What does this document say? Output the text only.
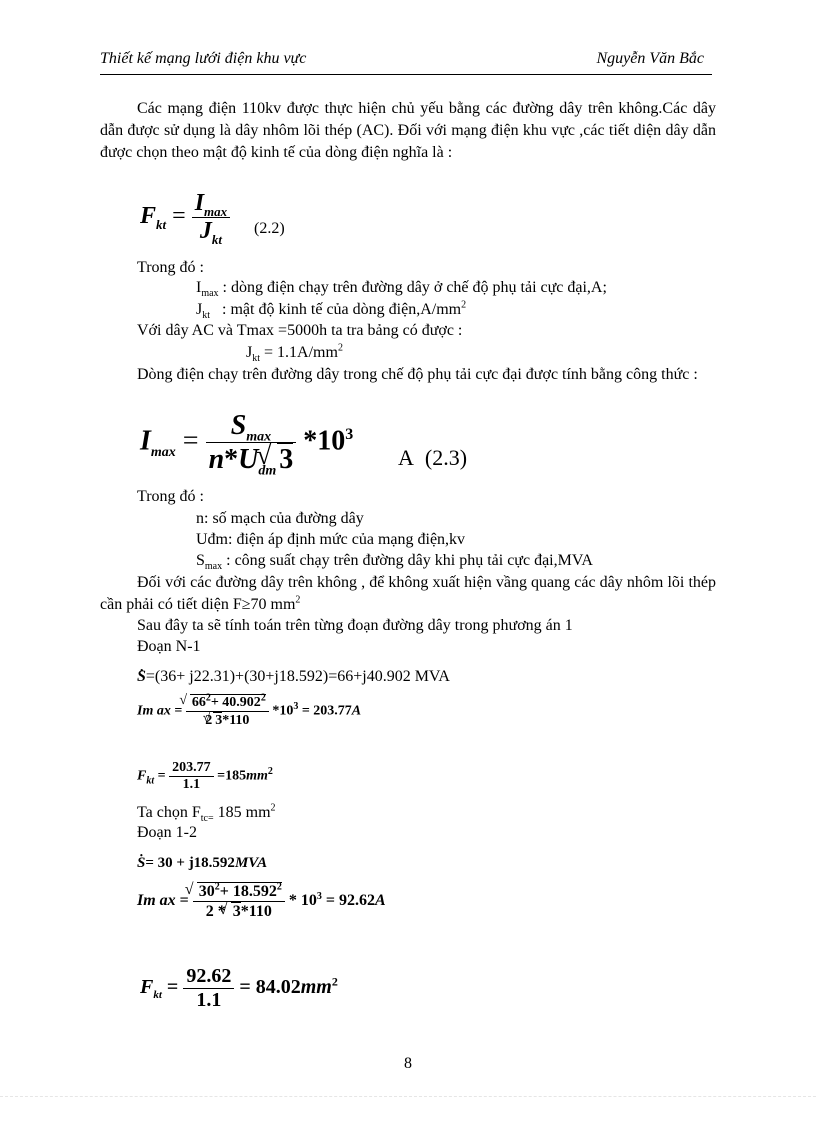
Thiết kế mạng lưới điện khu vực	Nguyễn Văn Bắc

Các mạng điện 110kv được thực hiện chủ yếu bằng các đường dây trên không.Các dây dẫn được sử dụng là dây nhôm lõi thép (AC). Đối với mạng điện khu vực ,các tiết diện dây dẫn được chọn theo mật độ kinh tế của dòng điện nghĩa là :

$F_{kt} = \frac{I_{max}}{J_{kt}} (2.2)$
Trong đó :
$I_{max}$ : dòng điện chạy trên đường dây ở chế độ phụ tải cực đại,A;
$J_{kt}$ : mật độ kinh tế của dòng $điện,A/mm^2$
Với dây AC và Tmax =5000h ta tra bảng có được :
$J_{kt} = 1.1A/mm^2$

Dòng điện chạy trên đường dây trong chế độ phụ tải cực đại được tính bằng công thức :

$I_{max} = \frac{S_{max}}{n*U_{dm} √ 3} *10^3$
A (2.3)
Trong đó :
n: số mạch của đường dây
Uđm: điện áp định mức của mạng điện,kv
$S_{max}$ : công suất chạy trên đường dây khi phụ tải cực đại,MVA

Đối với các đường dây trên không , để không xuất hiện vầng quang các dây nhôm lõi thép cần phải có tiết diện F≥70 $mm^2$

Sau đây ta sẽ tính toán trên từng đoạn đường dây trong phương án 1
Đoạn N-1
S •=(36+ j22.31)+(30+j18.592)=66+j40.902 MVA
Im ax = √ $\frac{66^2+ 40.902^2}{2 √ 3*110} *10^3 = 203.77A$
$F_{kt} = \frac{203.77}{1.1} =185mm^2$
Ta chọn $F_{tc=}$ 185 $mm^2$
Đoạn 1-2
S •= 30 + j18.592MVA
Im ax = √ $\frac{30^2+ 18.592^2}{2 * √ 3*110} * 10^3 = 92.62A$
$F_{kt} = \frac{92.62}{1.1} = 84.02mm^2$
8
